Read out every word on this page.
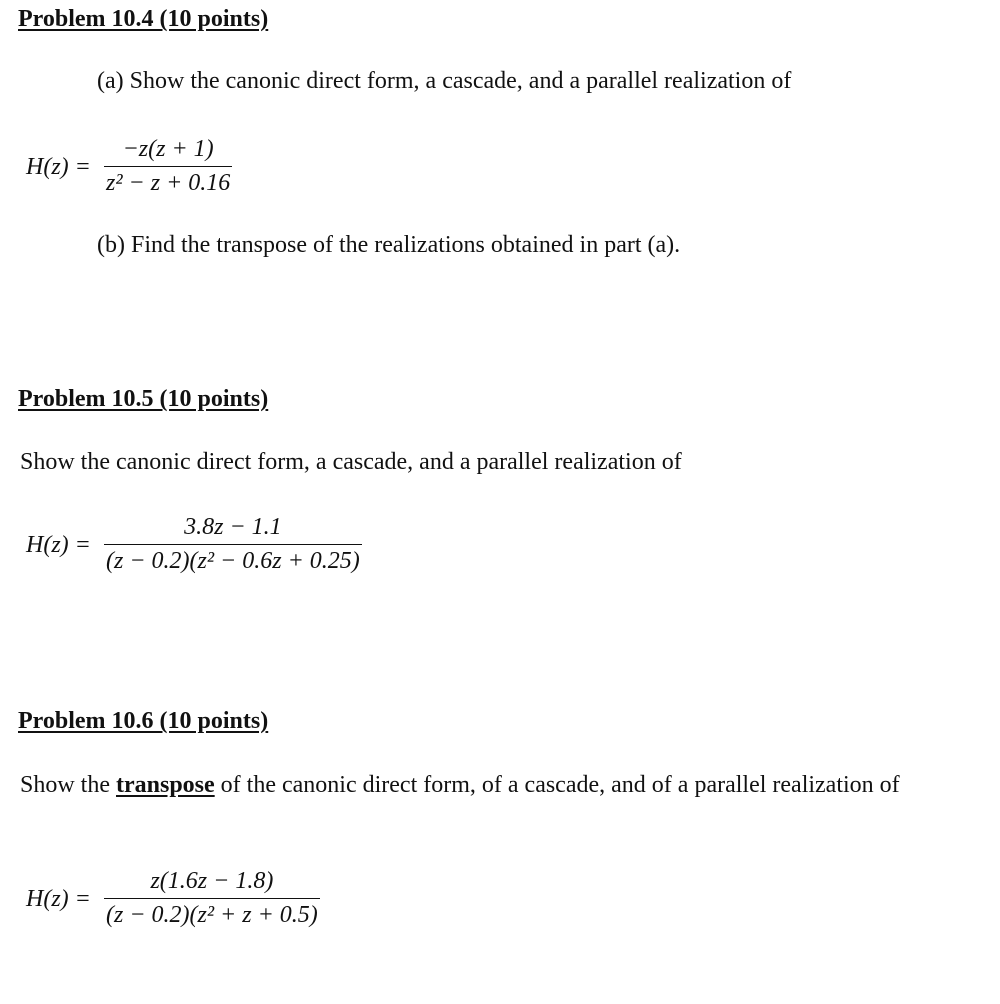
Problem 10.4 (10 points)
(a) Show the canonic direct form, a cascade, and a parallel realization of
H(z) =
−z(z + 1)
z² − z + 0.16
(b) Find the transpose of the realizations obtained in part (a).
Problem 10.5 (10 points)
Show the canonic direct form, a cascade, and a parallel realization of
H(z) =
3.8z − 1.1
(z − 0.2)(z² − 0.6z + 0.25)
Problem 10.6 (10 points)
Show the transpose of the canonic direct form, of a cascade, and of a parallel realization of
H(z) =
z(1.6z − 1.8)
(z − 0.2)(z² + z + 0.5)
